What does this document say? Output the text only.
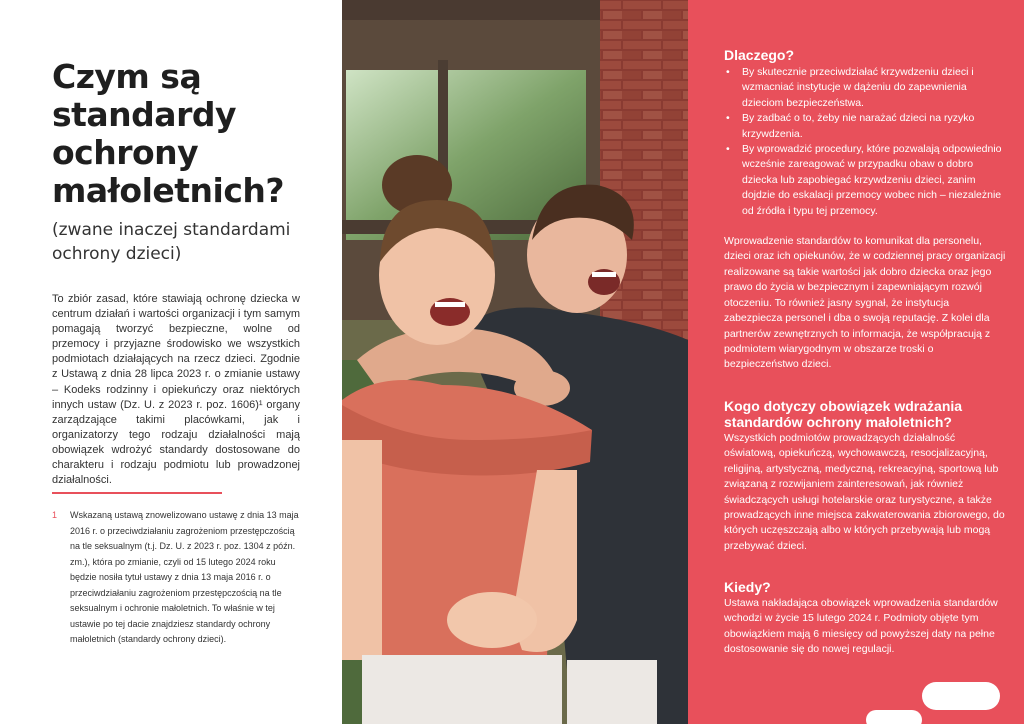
Czym są
standardy
ochrony
małoletnich?
(zwane inaczej standardami
ochrony dzieci)

To zbiór zasad, które stawiają ochronę dziecka w centrum działań i wartości organizacji i tym samym pomagają tworzyć bezpieczne, wolne od przemocy i przyjazne środowisko we wszystkich podmiotach działających na rzecz dzieci. Zgodnie z Ustawą z dnia 28 lipca 2023 r. o zmianie ustawy – Kodeks rodzinny i opiekuńczy oraz niektórych innych ustaw (Dz. U. z 2023 r. poz. 1606)¹ organy zarządzające takimi placówkami, jak i organizatorzy tego rodzaju działalności mają obowiązek wdrożyć standardy dostosowane do charakteru i rodzaju podmiotu lub prowadzonej działalności.

1	Wskazaną ustawą znowelizowano ustawę z dnia 13 maja 2016 r. o przeciwdziałaniu zagrożeniom przestępczością na tle seksualnym (t.j. Dz. U. z 2023 r. poz. 1304 z późn. zm.), która po zmianie, czyli od 15 lutego 2024 roku będzie nosiła tytuł ustawy z dnia 13 maja 2016 r. o przeciwdziałaniu zagrożeniom przestępczością na tle seksualnym i ochronie małoletnich. To właśnie w tej ustawie po tej dacie znajdziesz standardy ochrony małoletnich (standardy ochrony dzieci).
Dlaczego?
• By skutecznie przeciwdziałać krzywdzeniu dzieci i wzmacniać instytucje w dążeniu do zapewnienia dzieciom bezpieczeństwa.
• By zadbać o to, żeby nie narażać dzieci na ryzyko krzywdzenia.
• By wprowadzić procedury, które pozwalają odpowiednio wcześnie zareagować w przypadku obaw o dobro dziecka lub zapobiegać krzywdzeniu dzieci, zanim dojdzie do eskalacji przemocy wobec nich – niezależnie od źródła i typu tej przemocy.

Wprowadzenie standardów to komunikat dla personelu, dzieci oraz ich opiekunów, że w codziennej pracy organizacji realizowane są takie wartości jak dobro dziecka oraz jego prawo do życia w bezpiecznym i zapewniającym rozwój otoczeniu. To również jasny sygnał, że instytucja zabezpiecza personel i dba o swoją reputację. Z kolei dla partnerów zewnętrznych to informacja, że współpracują z podmiotem wiarygodnym w obszarze troski o bezpieczeństwo dzieci.

Kogo dotyczy obowiązek wdrażania standardów ochrony małoletnich?

Wszystkich podmiotów prowadzących działalność oświatową, opiekuńczą, wychowawczą, resocjalizacyjną, religijną, artystyczną, medyczną, rekreacyjną, sportową lub związaną z rozwijaniem zainteresowań, jak również świadczących usługi hotelarskie oraz turystyczne, a także prowadzących inne miejsca zakwaterowania zbiorowego, do których uczęszczają albo w których przebywają lub mogą przebywać dzieci.

Kiedy?

Ustawa nakładająca obowiązek wprowadzenia standardów wchodzi w życie 15 lutego 2024 r. Podmioty objęte tym obowiązkiem mają 6 miesięcy od powyższej daty na pełne dostosowanie się do nowej regulacji.
